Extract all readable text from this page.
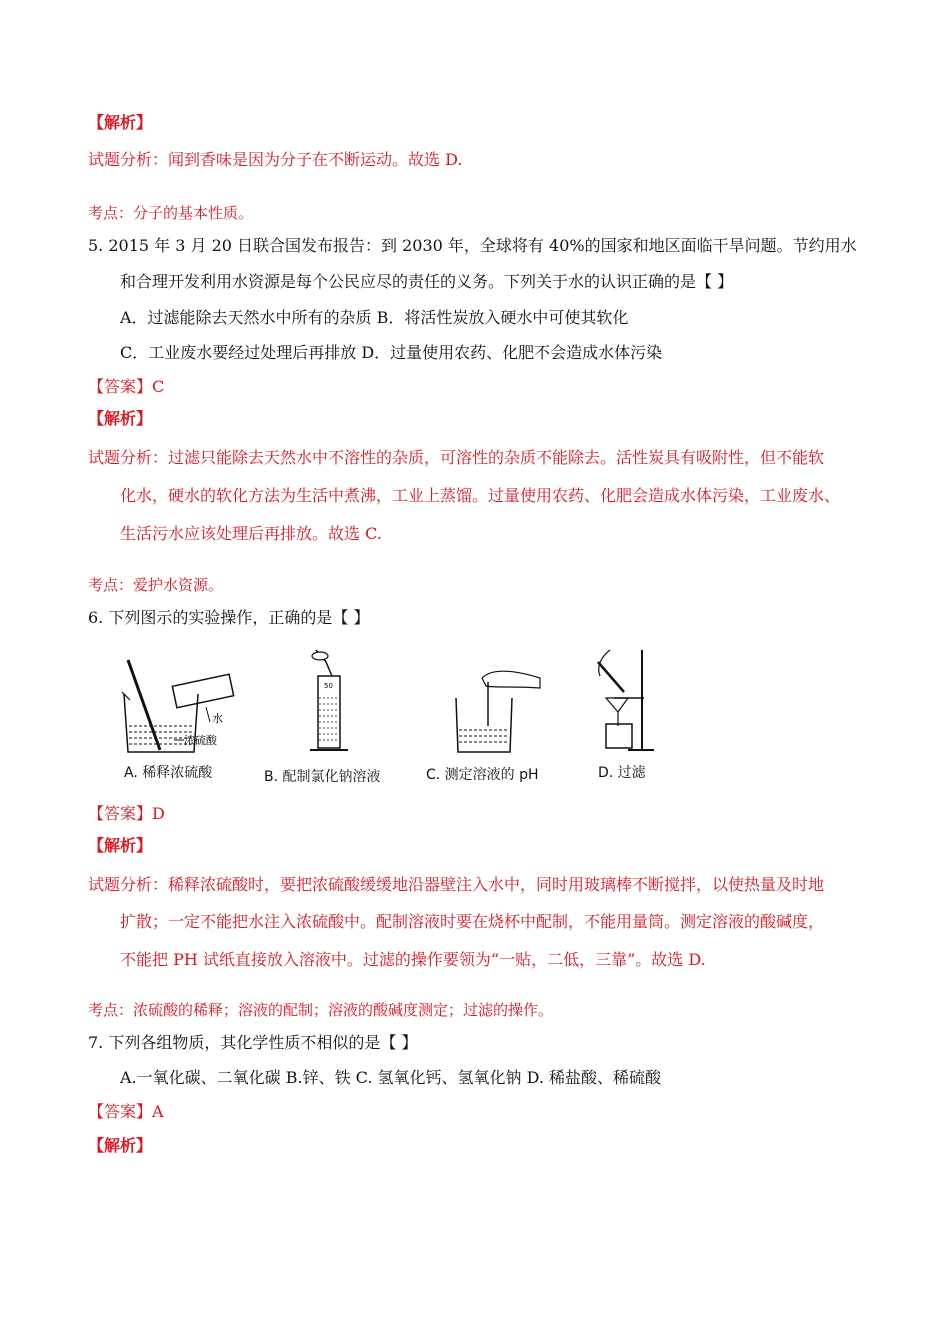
【解析】
试题分析：闻到香味是因为分子在不断运动。故选 D.
考点：分子的基本性质。
5. 2015 年 3 月 20 日联合国发布报告：到 2030 年，全球将有 40%的国家和地区面临干旱问题。节约用水
和合理开发利用水资源是每个公民应尽的责任的义务。下列关于水的认识正确的是【 】
A．过滤能除去天然水中所有的杂质 B．将活性炭放入硬水中可使其软化
C．工业废水要经过处理后再排放 D．过量使用农药、化肥不会造成水体污染
【答案】C
【解析】
试题分析：过滤只能除去天然水中不溶性的杂质，可溶性的杂质不能除去。活性炭具有吸附性，但不能软
化水，硬水的软化方法为生活中煮沸，工业上蒸馏。过量使用农药、化肥会造成水体污染，工业废水、
生活污水应该处理后再排放。故选 C.
考点：爱护水资源。
6. 下列图示的实验操作，正确的是【 】
水
浓硫酸
A. 稀释浓硫酸
50
B. 配制氯化钠溶液	C. 测定溶液的 pH	D. 过滤
【答案】D
【解析】
试题分析：稀释浓硫酸时，要把浓硫酸缓缓地沿器壁注入水中，同时用玻璃棒不断搅拌，以使热量及时地
扩散；一定不能把水注入浓硫酸中。配制溶液时要在烧杯中配制，不能用量筒。测定溶液的酸碱度，
不能把 PH 试纸直接放入溶液中。过滤的操作要领为“一贴，二低，三靠”。故选 D.
考点：浓硫酸的稀释；溶液的配制；溶液的酸碱度测定；过滤的操作。
7. 下列各组物质，其化学性质不相似的是【 】
A.一氧化碳、二氧化碳 B.锌、铁 C. 氢氧化钙、氢氧化钠 D. 稀盐酸、稀硫酸
【答案】A
【解析】
